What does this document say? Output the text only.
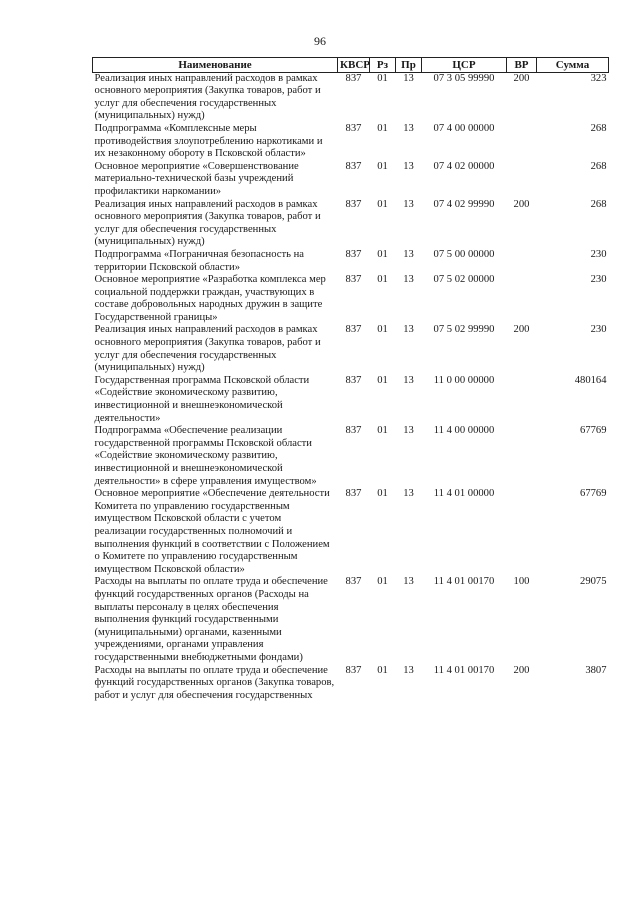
96
Наименование	КВСР	Рз	Пр	ЦСР	ВР	Сумма
Реализация иных направлений расходов в рамках основного мероприятия (Закупка товаров, работ и услуг для обеспечения государственных (муниципальных) нужд)	837	01	13	07 3 05 99990	200	323
Подпрограмма «Комплексные меры противодействия злоупотреблению наркотиками и их незаконному обороту в Псковской области»	837	01	13	07 4 00 00000		268
Основное мероприятие «Совершенствование материально-технической базы учреждений профилактики наркомании»	837	01	13	07 4 02 00000		268
Реализация иных направлений расходов в рамках основного мероприятия (Закупка товаров, работ и услуг для обеспечения государственных (муниципальных) нужд)	837	01	13	07 4 02 99990	200	268
Подпрограмма «Пограничная безопасность на территории Псковской области»	837	01	13	07 5 00 00000		230
Основное мероприятие «Разработка комплекса мер социальной поддержки граждан, участвующих в составе добровольных народных дружин в защите Государственной границы»	837	01	13	07 5 02 00000		230
Реализация иных направлений расходов в рамках основного мероприятия (Закупка товаров, работ и услуг для обеспечения государственных (муниципальных) нужд)	837	01	13	07 5 02 99990	200	230
Государственная программа Псковской области «Содействие экономическому развитию, инвестиционной и внешнеэкономической деятельности»	837	01	13	11 0 00 00000		480164
Подпрограмма «Обеспечение реализации государственной программы Псковской области «Содействие экономическому развитию, инвестиционной и внешнеэкономической деятельности» в сфере управления имуществом»	837	01	13	11 4 00 00000		67769
Основное мероприятие «Обеспечение деятельности Комитета по управлению государственным имуществом Псковской области с учетом реализации государственных полномочий и выполнения функций в соответствии с Положением о Комитете по управлению государственным имуществом Псковской области»	837	01	13	11 4 01 00000		67769
Расходы на выплаты по оплате труда и обеспечение функций государственных органов (Расходы на выплаты персоналу в целях обеспечения выполнения функций государственными (муниципальными) органами, казенными учреждениями, органами управления государственными внебюджетными фондами)	837	01	13	11 4 01 00170	100	29075
Расходы на выплаты по оплате труда и обеспечение функций государственных органов (Закупка товаров, работ и услуг для обеспечения государственных	837	01	13	11 4 01 00170	200	3807
